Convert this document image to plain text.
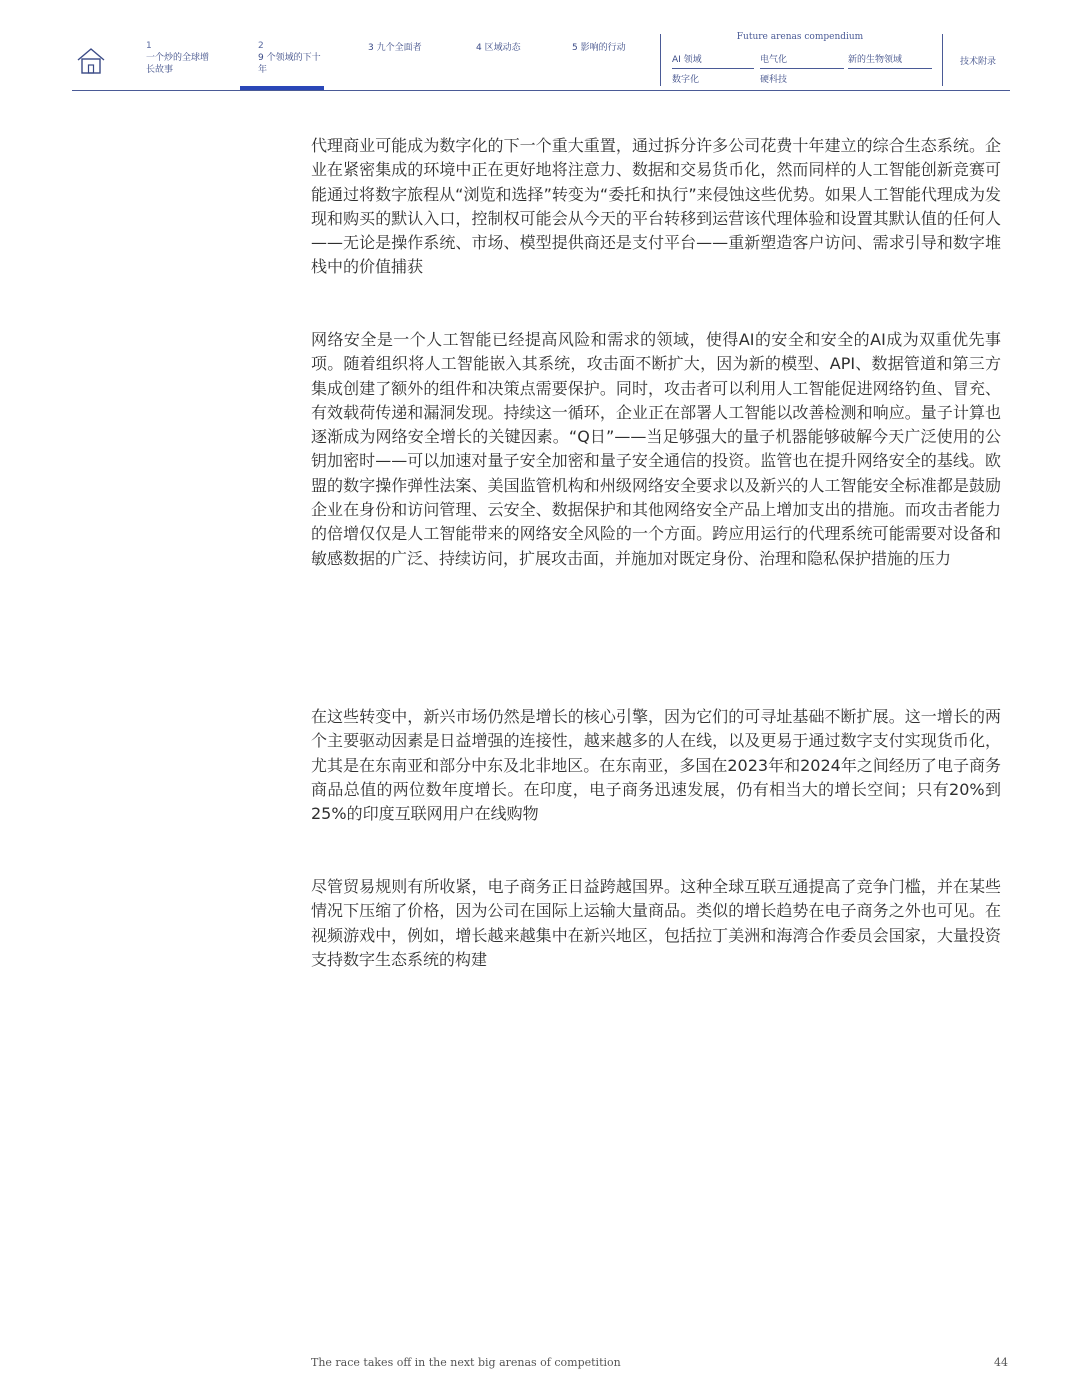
1
一个炒的全球增长故事
2
9 个领域的下十年
3 九个全面者	4 区域动态	5 影响的行动
Future arenas compendium
AI 领域	电气化	新的生物领域
数字化	硬科技
技术附录

代理商业可能成为数字化的下一个重大重置，通过拆分许多公司花费十年建立的综合生态系统。企业在紧密集成的环境中正在更好地将注意力、数据和交易货币化，然而同样的人工智能创新竞赛可能通过将数字旅程从“浏览和选择”转变为“委托和执行”来侵蚀这些优势。如果人工智能代理成为发现和购买的默认入口，控制权可能会从今天的平台转移到运营该代理体验和设置其默认值的任何人——无论是操作系统、市场、模型提供商还是支付平台——重新塑造客户访问、需求引导和数字堆栈中的价值捕获

网络安全是一个人工智能已经提高风险和需求的领域，使得AI的安全和安全的AI成为双重优先事项。随着组织将人工智能嵌入其系统，攻击面不断扩大，因为新的模型、API、数据管道和第三方集成创建了额外的组件和决策点需要保护。同时，攻击者可以利用人工智能促进网络钓鱼、冒充、有效载荷传递和漏洞发现。持续这一循环，企业正在部署人工智能以改善检测和响应。量子计算也逐渐成为网络安全增长的关键因素。“Q日”——当足够强大的量子机器能够破解今天广泛使用的公钥加密时——可以加速对量子安全加密和量子安全通信的投资。监管也在提升网络安全的基线。欧盟的数字操作弹性法案、美国监管机构和州级网络安全要求以及新兴的人工智能安全标准都是鼓励企业在身份和访问管理、云安全、数据保护和其他网络安全产品上增加支出的措施。而攻击者能力的倍增仅仅是人工智能带来的网络安全风险的一个方面。跨应用运行的代理系统可能需要对设备和敏感数据的广泛、持续访问，扩展攻击面，并施加对既定身份、治理和隐私保护措施的压力

在这些转变中，新兴市场仍然是增长的核心引擎，因为它们的可寻址基础不断扩展。这一增长的两个主要驱动因素是日益增强的连接性，越来越多的人在线，以及更易于通过数字支付实现货币化，尤其是在东南亚和部分中东及北非地区。在东南亚，多国在2023年和2024年之间经历了电子商务商品总值的两位数年度增长。在印度，电子商务迅速发展，仍有相当大的增长空间；只有20%到25%的印度互联网用户在线购物

尽管贸易规则有所收紧，电子商务正日益跨越国界。这种全球互联互通提高了竞争门槛，并在某些情况下压缩了价格，因为公司在国际上运输大量商品。类似的增长趋势在电子商务之外也可见。在视频游戏中，例如，增长越来越集中在新兴地区，包括拉丁美洲和海湾合作委员会国家，大量投资支持数字生态系统的构建

The race takes off in the next big arenas of competition	44
